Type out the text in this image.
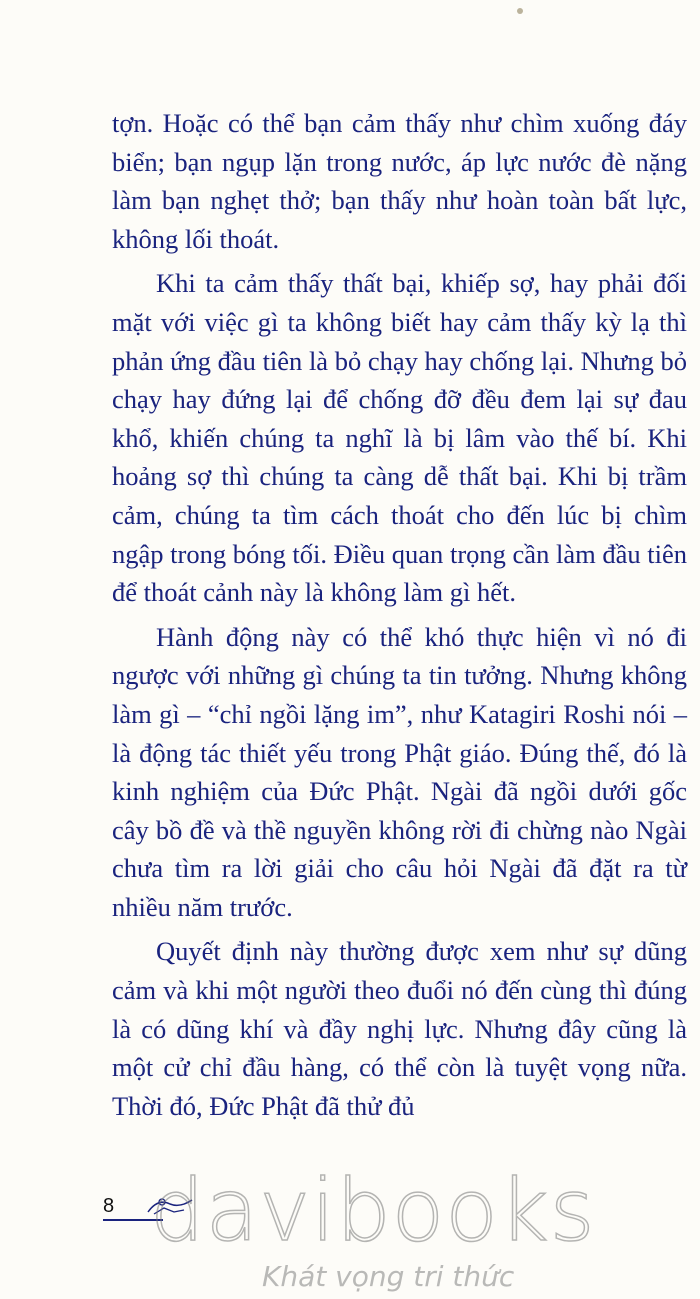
tợn. Hoặc có thể bạn cảm thấy như chìm xuống đáy biển; bạn ngụp lặn trong nước, áp lực nước đè nặng làm bạn nghẹt thở; bạn thấy như hoàn toàn bất lực, không lối thoát.

Khi ta cảm thấy thất bại, khiếp sợ, hay phải đối mặt với việc gì ta không biết hay cảm thấy kỳ lạ thì phản ứng đầu tiên là bỏ chạy hay chống lại. Nhưng bỏ chạy hay đứng lại để chống đỡ đều đem lại sự đau khổ, khiến chúng ta nghĩ là bị lâm vào thế bí. Khi hoảng sợ thì chúng ta càng dễ thất bại. Khi bị trầm cảm, chúng ta tìm cách thoát cho đến lúc bị chìm ngập trong bóng tối. Điều quan trọng cần làm đầu tiên để thoát cảnh này là không làm gì hết.

Hành động này có thể khó thực hiện vì nó đi ngược với những gì chúng ta tin tưởng. Nhưng không làm gì – “chỉ ngồi lặng im”, như Katagiri Roshi nói – là động tác thiết yếu trong Phật giáo. Đúng thế, đó là kinh nghiệm của Đức Phật. Ngài đã ngồi dưới gốc cây bồ đề và thề nguyền không rời đi chừng nào Ngài chưa tìm ra lời giải cho câu hỏi Ngài đã đặt ra từ nhiều năm trước.

Quyết định này thường được xem như sự dũng cảm và khi một người theo đuổi nó đến cùng thì đúng là có dũng khí và đầy nghị lực. Nhưng đây cũng là một cử chỉ đầu hàng, có thể còn là tuyệt vọng nữa. Thời đó, Đức Phật đã thử đủ

8 davibooks
Khát vọng tri thức
